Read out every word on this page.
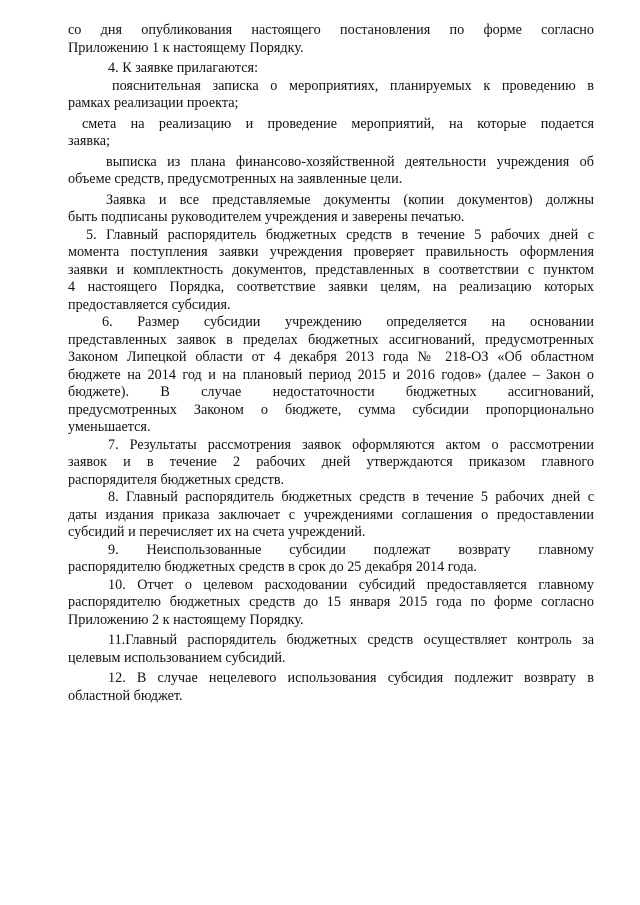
со дня опубликования настоящего постановления по форме согласно
Приложению 1 к настоящему Порядку.
4. К заявке прилагаются:
пояснительная записка о мероприятиях, планируемых к проведению в
рамках реализации проекта;
смета на реализацию и проведение мероприятий, на которые подается
заявка;
выписка из плана финансово-хозяйственной деятельности учреждения об
объеме средств, предусмотренных на заявленные цели.
Заявка и все представляемые документы (копии документов) должны
быть подписаны руководителем учреждения и заверены печатью.
5. Главный распорядитель бюджетных средств в течение 5 рабочих дней с
момента поступления заявки учреждения проверяет правильность оформления
заявки и комплектность документов, представленных в соответствии с пунктом
4 настоящего Порядка, соответствие заявки целям, на реализацию которых
предоставляется субсидия.
6. Размер субсидии учреждению определяется на основании
представленных заявок в пределах бюджетных ассигнований, предусмотренных
Законом Липецкой области от 4 декабря 2013 года № 218-ОЗ «Об областном
бюджете на 2014 год и на плановый период 2015 и 2016 годов» (далее – Закон о
бюджете). В случае недостаточности бюджетных ассигнований,
предусмотренных Законом о бюджете, сумма субсидии пропорционально
уменьшается.
7. Результаты рассмотрения заявок оформляются актом о рассмотрении
заявок и в течение 2 рабочих дней утверждаются приказом главного
распорядителя бюджетных средств.
8. Главный распорядитель бюджетных средств в течение 5 рабочих дней с
даты издания приказа заключает с учреждениями соглашения о предоставлении
субсидий и перечисляет их на счета учреждений.
9. Неиспользованные субсидии подлежат возврату главному
распорядителю бюджетных средств в срок до 25 декабря 2014 года.
10. Отчет о целевом расходовании субсидий предоставляется главному
распорядителю бюджетных средств до 15 января 2015 года по форме согласно
Приложению 2 к настоящему Порядку.
11.Главный распорядитель бюджетных средств осуществляет контроль за
целевым использованием субсидий.
12. В случае нецелевого использования субсидия подлежит возврату в
областной бюджет.
